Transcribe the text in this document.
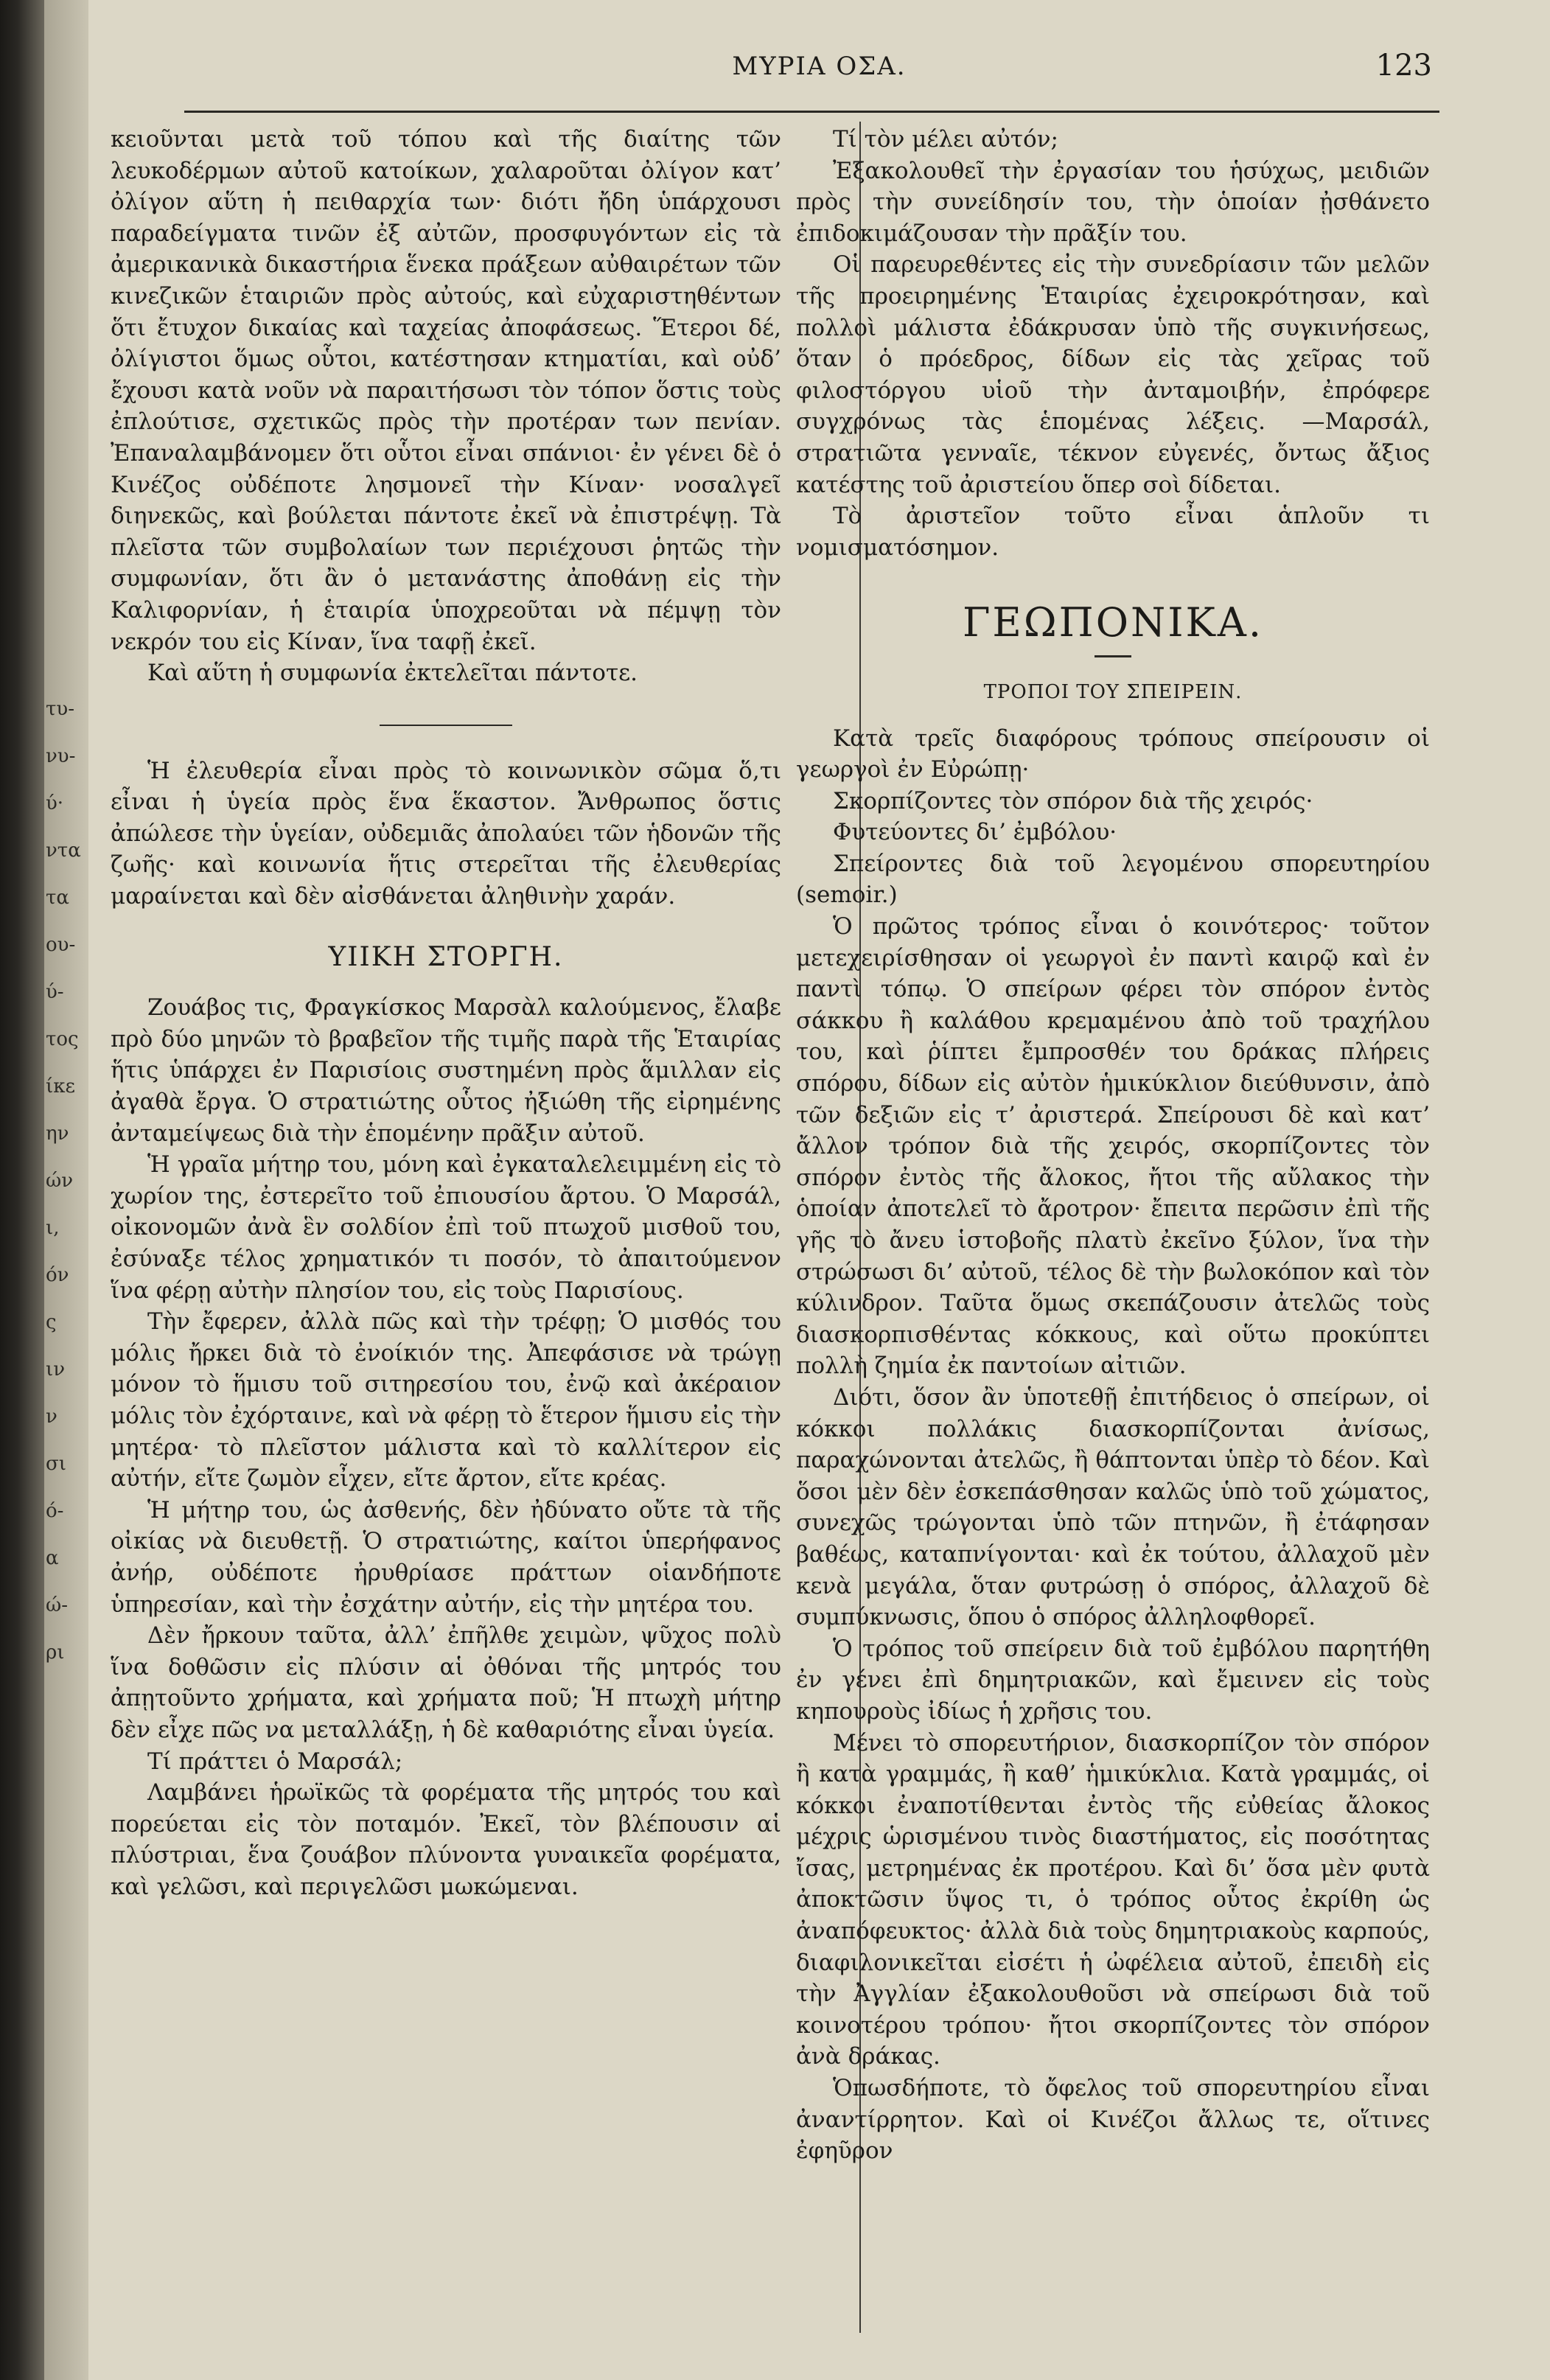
τυ-
νυ-
ύ·
ντα
τα
ου-
ύ-
τος
ίκε
ην
ών
ι,
όν
ς
ιν
ν
σι
ό-
α
ώ-
ρι
ΜΥΡΙΑ ΟΣΑ.	123

κειοῦνται μετὰ τοῦ τόπου καὶ τῆς διαίτης τῶν λευκοδέρμων αὐτοῦ κατοίκων, χαλαροῦται ὀλίγον κατ’ ὀλίγον αὕτη ἡ πειθαρχία των· διότι ἤδη ὑπάρχουσι παραδείγματα τινῶν ἐξ αὐτῶν, προσφυγόντων εἰς τὰ ἀμερικανικὰ δικαστήρια ἕνεκα πράξεων αὐθαιρέτων τῶν κινεζικῶν ἑταιριῶν πρὸς αὐτούς, καὶ εὐχαριστηθέντων ὅτι ἔτυχον δικαίας καὶ ταχείας ἀποφάσεως. Ἕτεροι δέ, ὀλίγιστοι ὅμως οὗτοι, κατέστησαν κτηματίαι, καὶ οὐδ’ ἔχουσι κατὰ νοῦν νὰ παραιτήσωσι τὸν τόπον ὅστις τοὺς ἐπλούτισε, σχετικῶς πρὸς τὴν προτέραν των πενίαν. Ἐπαναλαμβάνομεν ὅτι οὗτοι εἶναι σπάνιοι· ἐν γένει δὲ ὁ Κινέζος οὐδέποτε λησμονεῖ τὴν Κίναν· νοσαλγεῖ διηνεκῶς, καὶ βούλεται πάντοτε ἐκεῖ νὰ ἐπιστρέψῃ. Τὰ πλεῖστα τῶν συμβολαίων των περιέχουσι ῥητῶς τὴν συμφωνίαν, ὅτι ἂν ὁ μετανάστης ἀποθάνῃ εἰς τὴν Καλιφορνίαν, ἡ ἑταιρία ὑποχρεοῦται νὰ πέμψῃ τὸν νεκρόν του εἰς Κίναν, ἵνα ταφῇ ἐκεῖ.

Καὶ αὕτη ἡ συμφωνία ἐκτελεῖται πάντοτε.

Ἡ ἐλευθερία εἶναι πρὸς τὸ κοινωνικὸν σῶμα ὅ,τι εἶναι ἡ ὑγεία πρὸς ἕνα ἕκαστον. Ἄνθρωπος ὅστις ἀπώλεσε τὴν ὑγείαν, οὐδεμιᾶς ἀπολαύει τῶν ἡδονῶν τῆς ζωῆς· καὶ κοινωνία ἥτις στερεῖται τῆς ἐλευθερίας μαραίνεται καὶ δὲν αἰσθάνεται ἀληθινὴν χαράν.

ΥΙΙΚΗ ΣΤΟΡΓΗ.

Ζουάβος τις, Φραγκίσκος Μαρσὰλ καλούμενος, ἔλαβε πρὸ δύο μηνῶν τὸ βραβεῖον τῆς τιμῆς παρὰ τῆς Ἑταιρίας ἥτις ὑπάρχει ἐν Παρισίοις συστημένη πρὸς ἅμιλλαν εἰς ἀγαθὰ ἔργα. Ὁ στρατιώτης οὗτος ἠξιώθη τῆς εἰρημένης ἀνταμείψεως διὰ τὴν ἑπομένην πρᾶξιν αὐτοῦ.

Ἡ γραῖα μήτηρ του, μόνη καὶ ἐγκαταλελειμμένη εἰς τὸ χωρίον της, ἐστερεῖτο τοῦ ἐπιουσίου ἄρτου. Ὁ Μαρσάλ, οἰκονομῶν ἀνὰ ἓν σολδίον ἐπὶ τοῦ πτωχοῦ μισθοῦ του, ἐσύναξε τέλος χρηματικόν τι ποσόν, τὸ ἀπαιτούμενον ἵνα φέρῃ αὐτὴν πλησίον του, εἰς τοὺς Παρισίους.

Τὴν ἔφερεν, ἀλλὰ πῶς καὶ τὴν τρέφῃ; Ὁ μισθός του μόλις ἤρκει διὰ τὸ ἐνοίκιόν της. Ἀπεφάσισε νὰ τρώγῃ μόνον τὸ ἥμισυ τοῦ σιτηρεσίου του, ἐνῷ καὶ ἀκέραιον μόλις τὸν ἐχόρταινε, καὶ νὰ φέρῃ τὸ ἕτερον ἥμισυ εἰς τὴν μητέρα· τὸ πλεῖστον μάλιστα καὶ τὸ καλλίτερον εἰς αὐτήν, εἴτε ζωμὸν εἶχεν, εἴτε ἄρτον, εἴτε κρέας.

Ἡ μήτηρ του, ὡς ἀσθενής, δὲν ἠδύνατο οὔτε τὰ τῆς οἰκίας νὰ διευθετῇ. Ὁ στρατιώτης, καίτοι ὑπερήφανος ἀνήρ, οὐδέποτε ἠρυθρίασε πράττων οἱανδήποτε ὑπηρεσίαν, καὶ τὴν ἐσχάτην αὐτήν, εἰς τὴν μητέρα του.

Δὲν ἤρκουν ταῦτα, ἀλλ’ ἐπῆλθε χειμὼν, ψῦχος πολὺ ἵνα δοθῶσιν εἰς πλύσιν αἱ ὀθόναι τῆς μητρός του ἀπῃτοῦντο χρήματα, καὶ χρήματα ποῦ; Ἡ πτωχὴ μήτηρ δὲν εἶχε πῶς να μεταλλάξῃ, ἡ δὲ καθαριότης εἶναι ὑγεία.

Τί πράττει ὁ Μαρσάλ;

Λαμβάνει ἡρωϊκῶς τὰ φορέματα τῆς μητρός του καὶ πορεύεται εἰς τὸν ποταμόν. Ἐκεῖ, τὸν βλέπουσιν αἱ πλύστριαι, ἕνα ζουάβον πλύνοντα γυναικεῖα φορέματα, καὶ γελῶσι, καὶ περιγελῶσι μωκώμεναι.

Τί τὸν μέλει αὐτόν;

Ἐξακολουθεῖ τὴν ἐργασίαν του ἡσύχως, μειδιῶν πρὸς τὴν συνείδησίν του, τὴν ὁποίαν ᾐσθάνετο ἐπιδοκιμάζουσαν τὴν πρᾶξίν του.

Οἱ παρευρεθέντες εἰς τὴν συνεδρίασιν τῶν μελῶν τῆς προειρημένης Ἑταιρίας ἐχειροκρότησαν, καὶ πολλοὶ μάλιστα ἐδάκρυσαν ὑπὸ τῆς συγκινήσεως, ὅταν ὁ πρόεδρος, δίδων εἰς τὰς χεῖρας τοῦ φιλοστόργου υἱοῦ τὴν ἀνταμοιβήν, ἐπρόφερε συγχρόνως τὰς ἑπομένας λέξεις. —Μαρσάλ, στρατιῶτα γενναῖε, τέκνον εὐγενές, ὄντως ἄξιος κατέστης τοῦ ἀριστείου ὅπερ σοὶ δίδεται.

Τὸ ἀριστεῖον τοῦτο εἶναι ἁπλοῦν τι νομισματόσημον.

ΓΕΩΠΟΝΙΚΑ.
ΤΡΟΠΟΙ ΤΟΥ ΣΠΕΙΡΕΙΝ.

Κατὰ τρεῖς διαφόρους τρόπους σπείρουσιν οἱ γεωργοὶ ἐν Εὐρώπῃ·

Σκορπίζοντες τὸν σπόρον διὰ τῆς χειρός·

Φυτεύοντες δι’ ἐμβόλου·

Σπείροντες διὰ τοῦ λεγομένου σπορευτηρίου (semoir.)

Ὁ πρῶτος τρόπος εἶναι ὁ κοινότερος· τοῦτον μετεχειρίσθησαν οἱ γεωργοὶ ἐν παντὶ καιρῷ καὶ ἐν παντὶ τόπῳ. Ὁ σπείρων φέρει τὸν σπόρον ἐντὸς σάκκου ἢ καλάθου κρεμαμένου ἀπὸ τοῦ τραχήλου του, καὶ ῥίπτει ἔμπροσθέν του δράκας πλήρεις σπόρου, δίδων εἰς αὐτὸν ἡμικύκλιον διεύθυνσιν, ἀπὸ τῶν δεξιῶν εἰς τ’ ἀριστερά. Σπείρουσι δὲ καὶ κατ’ ἄλλον τρόπον διὰ τῆς χειρός, σκορπίζοντες τὸν σπόρον ἐντὸς τῆς ἄλοκος, ἤτοι τῆς αὔλακος τὴν ὁποίαν ἀποτελεῖ τὸ ἄροτρον· ἔπειτα περῶσιν ἐπὶ τῆς γῆς τὸ ἄνευ ἱστοβοῆς πλατὺ ἐκεῖνο ξύλον, ἵνα τὴν στρώσωσι δι’ αὐτοῦ, τέλος δὲ τὴν βωλοκόπον καὶ τὸν κύλινδρον. Ταῦτα ὅμως σκεπάζουσιν ἀτελῶς τοὺς διασκορπισθέντας κόκκους, καὶ οὕτω προκύπτει πολλὴ ζημία ἐκ παντοίων αἰτιῶν.

Διότι, ὅσον ἂν ὑποτεθῇ ἐπιτήδειος ὁ σπείρων, οἱ κόκκοι πολλάκις διασκορπίζονται ἀνίσως, παραχώνονται ἀτελῶς, ἢ θάπτονται ὑπὲρ τὸ δέον. Καὶ ὅσοι μὲν δὲν ἐσκεπάσθησαν καλῶς ὑπὸ τοῦ χώματος, συνεχῶς τρώγονται ὑπὸ τῶν πτηνῶν, ἢ ἐτάφησαν βαθέως, καταπνίγονται· καὶ ἐκ τούτου, ἀλλαχοῦ μὲν κενὰ μεγάλα, ὅταν φυτρώσῃ ὁ σπόρος, ἀλλαχοῦ δὲ συμπύκνωσις, ὅπου ὁ σπόρος ἀλληλοφθορεῖ.

Ὁ τρόπος τοῦ σπείρειν διὰ τοῦ ἐμβόλου παρητήθη ἐν γένει ἐπὶ δημητριακῶν, καὶ ἔμεινεν εἰς τοὺς κηπουροὺς ἰδίως ἡ χρῆσις του.

Μένει τὸ σπορευτήριον, διασκορπίζον τὸν σπόρον ἢ κατὰ γραμμάς, ἢ καθ’ ἡμικύκλια. Κατὰ γραμμάς, οἱ κόκκοι ἐναποτίθενται ἐντὸς τῆς εὐθείας ἄλοκος μέχρις ὡρισμένου τινὸς διαστήματος, εἰς ποσότητας ἴσας, μετρημένας ἐκ προτέρου. Καὶ δι’ ὅσα μὲν φυτὰ ἀποκτῶσιν ὕψος τι, ὁ τρόπος οὗτος ἐκρίθη ὡς ἀναπόφευκτος· ἀλλὰ διὰ τοὺς δημητριακοὺς καρπούς, διαφιλονικεῖται εἰσέτι ἡ ὠφέλεια αὐτοῦ, ἐπειδὴ εἰς τὴν Ἀγγλίαν ἐξακολουθοῦσι νὰ σπείρωσι διὰ τοῦ κοινοτέρου τρόπου· ἤτοι σκορπίζοντες τὸν σπόρον ἀνὰ δράκας.

Ὁπωσδήποτε, τὸ ὄφελος τοῦ σπορευτηρίου εἶναι ἀναντίρρητον. Καὶ οἱ Κινέζοι ἄλλως τε, οἵτινες ἐφηῦρον
